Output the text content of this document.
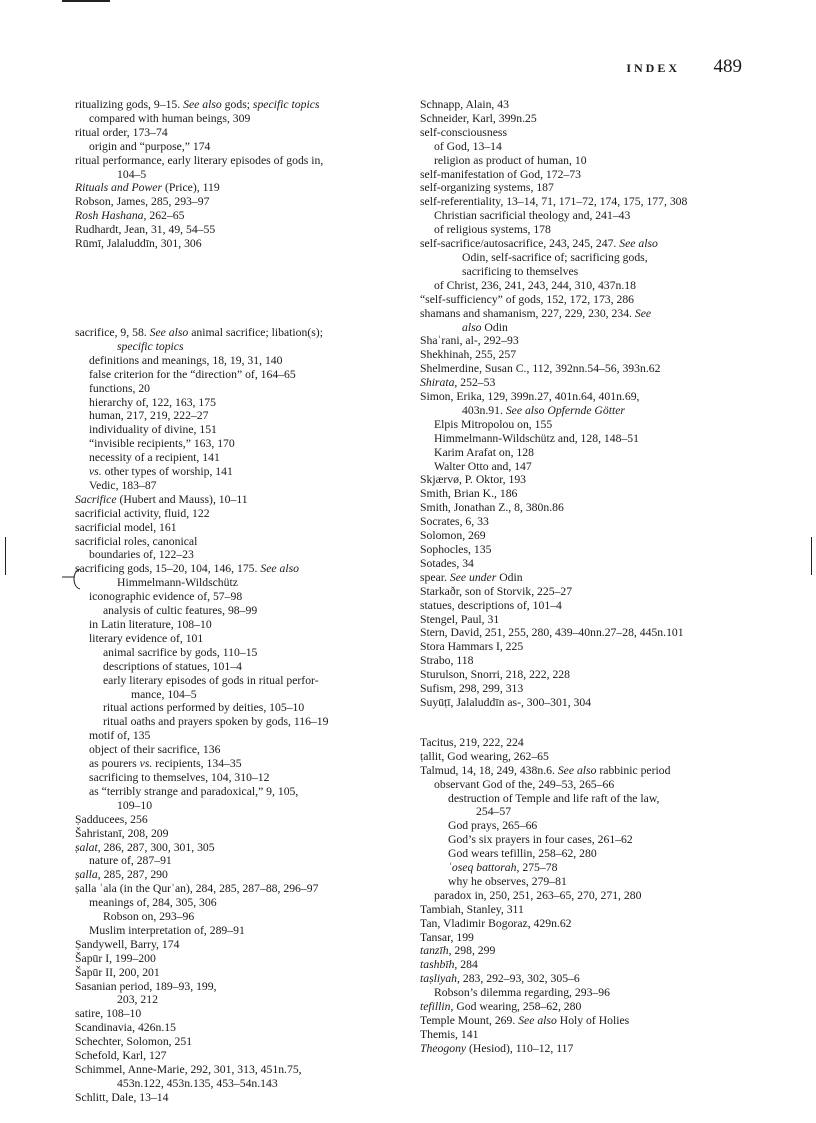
INDEX 489
ritualizing gods, 9–15. See also gods; specific topics
compared with human beings, 309
ritual order, 173–74
origin and “purpose,” 174
ritual performance, early literary episodes of gods in,
104–5
Rituals and Power (Price), 119
Robson, James, 285, 293–97
Rosh Hashana, 262–65
Rudhardt, Jean, 31, 49, 54–55
Rūmī, Jalaluddīn, 301, 306
sacrifice, 9, 58. See also animal sacrifice; libation(s);
specific topics
definitions and meanings, 18, 19, 31, 140
false criterion for the “direction” of, 164–65
functions, 20
hierarchy of, 122, 163, 175
human, 217, 219, 222–27
individuality of divine, 151
“invisible recipients,” 163, 170
necessity of a recipient, 141
vs. other types of worship, 141
Vedic, 183–87
Sacrifice (Hubert and Mauss), 10–11
sacrificial activity, fluid, 122
sacrificial model, 161
sacrificial roles, canonical
boundaries of, 122–23
sacrificing gods, 15–20, 104, 146, 175. See also
Himmelmann-Wildschütz
iconographic evidence of, 57–98
analysis of cultic features, 98–99
in Latin literature, 108–10
literary evidence of, 101
animal sacrifice by gods, 110–15
descriptions of statues, 101–4
early literary episodes of gods in ritual perfor-
mance, 104–5
ritual actions performed by deities, 105–10
ritual oaths and prayers spoken by gods, 116–19
motif of, 135
object of their sacrifice, 136
as pourers vs. recipients, 134–35
sacrificing to themselves, 104, 310–12
as “terribly strange and paradoxical,” 9, 105,
109–10
Ṣadducees, 256
Šahristanī, 208, 209
ṣalat, 286, 287, 300, 301, 305
nature of, 287–91
ṣalla, 285, 287, 290
ṣalla ʿala (in the Qurʾan), 284, 285, 287–88, 296–97
meanings of, 284, 305, 306
Robson on, 293–96
Muslim interpretation of, 289–91
Ṣandywell, Barry, 174
Šapūr I, 199–200
Šapūr II, 200, 201
Sasanian period, 189–93, 199,
203, 212
satire, 108–10
Scandinavia, 426n.15
Schechter, Solomon, 251
Schefold, Karl, 127
Schimmel, Anne-Marie, 292, 301, 313, 451n.75,
453n.122, 453n.135, 453–54n.143
Schlitt, Dale, 13–14
Schnapp, Alain, 43
Schneider, Karl, 399n.25
self-consciousness
of God, 13–14
religion as product of human, 10
self-manifestation of God, 172–73
self-organizing systems, 187
self-referentiality, 13–14, 71, 171–72, 174, 175, 177, 308
Christian sacrificial theology and, 241–43
of religious systems, 178
self-sacrifice/autosacrifice, 243, 245, 247. See also
Odin, self-sacrifice of; sacrificing gods,
sacrificing to themselves
of Christ, 236, 241, 243, 244, 310, 437n.18
“self-sufficiency” of gods, 152, 172, 173, 286
shamans and shamanism, 227, 229, 230, 234. See
also Odin
Shaʿrani, al-, 292–93
Shekhinah, 255, 257
Shelmerdine, Susan C., 112, 392nn.54–56, 393n.62
Shirata, 252–53
Simon, Erika, 129, 399n.27, 401n.64, 401n.69,
403n.91. See also Opfernde Götter
Elpis Mitropolou on, 155
Himmelmann-Wildschütz and, 128, 148–51
Karim Arafat on, 128
Walter Otto and, 147
Skjærvø, P. Oktor, 193
Smith, Brian K., 186
Smith, Jonathan Z., 8, 380n.86
Socrates, 6, 33
Solomon, 269
Sophocles, 135
Sotades, 34
spear. See under Odin
Starkaðr, son of Storvik, 225–27
statues, descriptions of, 101–4
Stengel, Paul, 31
Stern, David, 251, 255, 280, 439–40nn.27–28, 445n.101
Stora Hammars I, 225
Strabo, 118
Sturulson, Snorri, 218, 222, 228
Sufism, 298, 299, 313
Suyūṭī, Jalaluddīn as-, 300–301, 304
Tacitus, 219, 222, 224
ṭallit, God wearing, 262–65
Talmud, 14, 18, 249, 438n.6. See also rabbinic period
observant God of the, 249–53, 265–66
destruction of Temple and life raft of the law,
254–57
God prays, 265–66
God’s six prayers in four cases, 261–62
God wears tefillin, 258–62, 280
ʿoseq battorah, 275–78
why he observes, 279–81
paradox in, 250, 251, 263–65, 270, 271, 280
Tambiah, Stanley, 311
Tan, Vladimir Bogoraz, 429n.62
Tansar, 199
tanzīh, 298, 299
tashbīh, 284
taṣliyah, 283, 292–93, 302, 305–6
Robson’s dilemma regarding, 293–96
tefillin, God wearing, 258–62, 280
Temple Mount, 269. See also Holy of Holies
Themis, 141
Theogony (Hesiod), 110–12, 117
